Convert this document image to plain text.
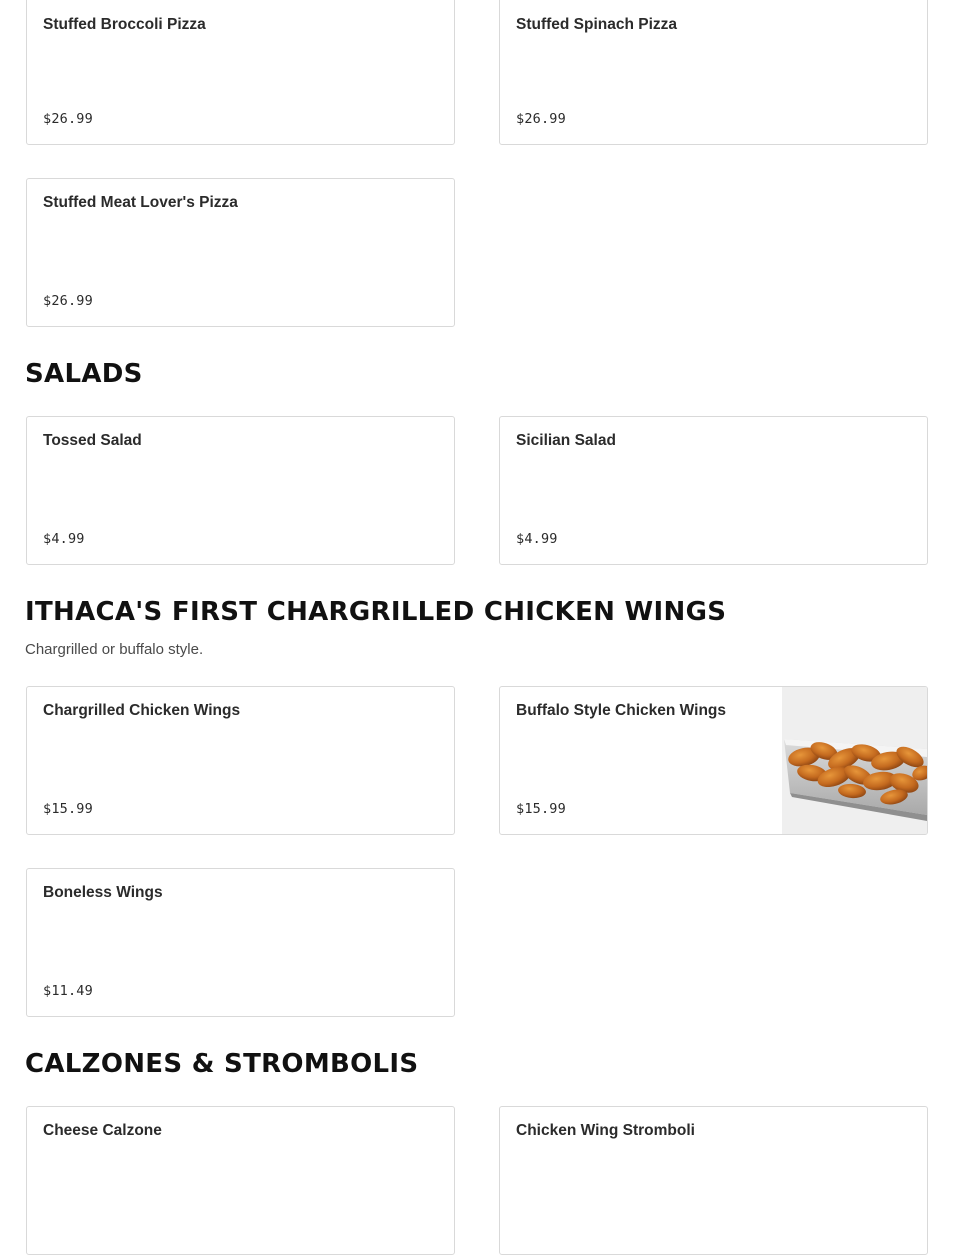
Stuffed Broccoli Pizza
$26.99
Stuffed Spinach Pizza
$26.99
Stuffed Meat Lover's Pizza
$26.99
SALADS
Tossed Salad
$4.99
Sicilian Salad
$4.99
ITHACA'S FIRST CHARGRILLED CHICKEN WINGS

Chargrilled or buffalo style.

Chargrilled Chicken Wings
$15.99
Buffalo Style Chicken Wings
$15.99
Boneless Wings
$11.49
CALZONES & STROMBOLIS
Cheese Calzone	Chicken Wing Stromboli
